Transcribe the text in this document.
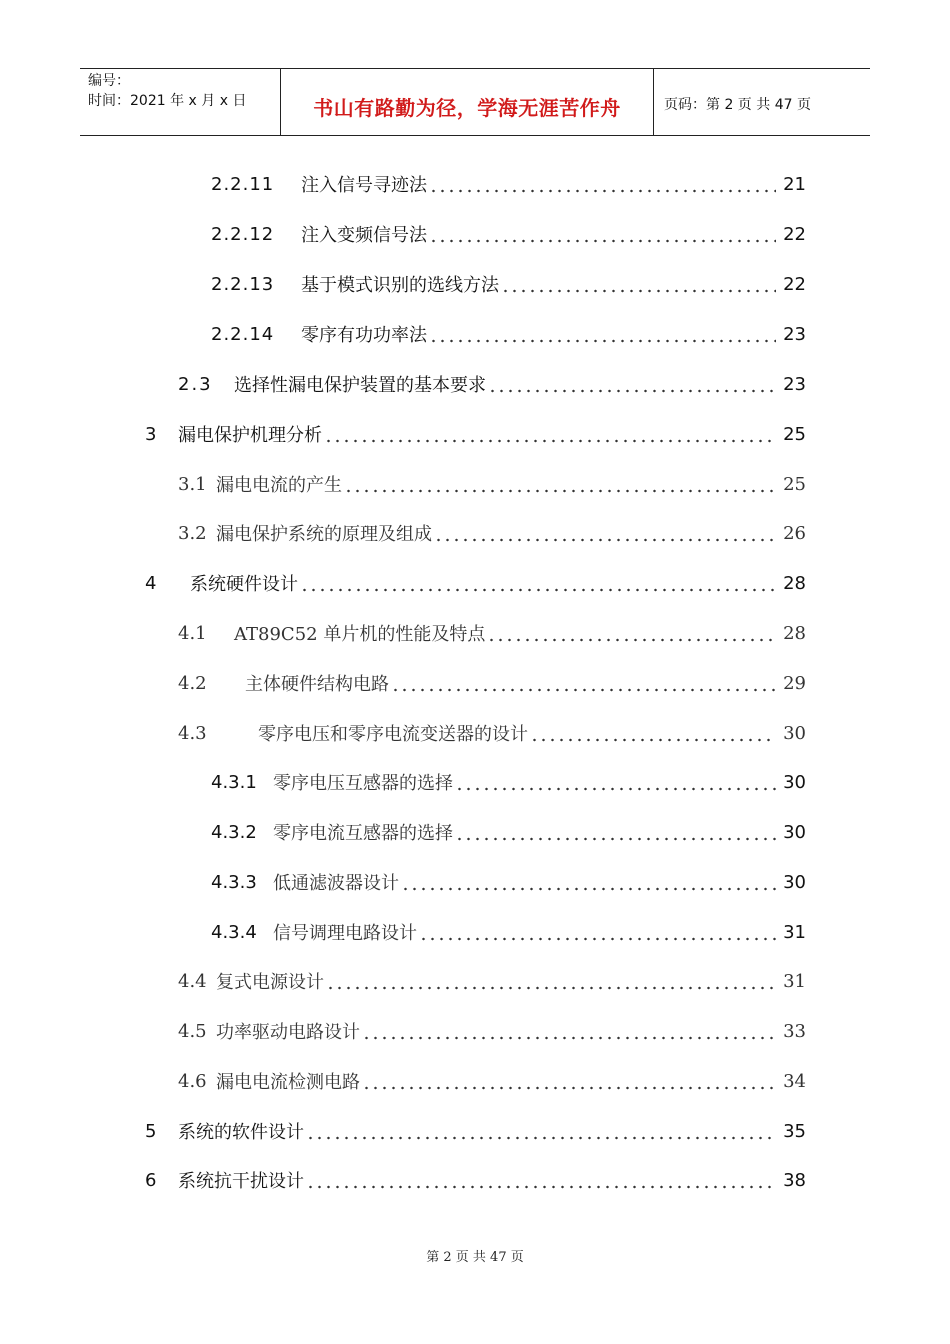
编号：
时间：2021 年 x 月 x 日	书山有路勤为径，学海无涯苦作舟	页码：第 2 页 共 47 页
2.2.11	注入信号寻迹法	21
2.2.12	注入变频信号法	22
2.2.13	基于模式识别的选线方法	22
2.2.14	零序有功功率法	23
2.3	选择性漏电保护装置的基本要求	23
3	漏电保护机理分析	25
3.1 漏电电流的产生	25
3.2 漏电保护系统的原理及组成	26
4	系统硬件设计	28
4.1	AT89C52 单片机的性能及特点	28
4.2	主体硬件结构电路	29
4.3	零序电压和零序电流变送器的设计	30
4.3.1 零序电压互感器的选择	30
4.3.2 零序电流互感器的选择	30
4.3.3 低通滤波器设计	30
4.3.4 信号调理电路设计	31
4.4 复式电源设计	31
4.5 功率驱动电路设计	33
4.6 漏电电流检测电路	34
5	系统的软件设计	35
6	系统抗干扰设计	38
第 2 页 共 47 页
